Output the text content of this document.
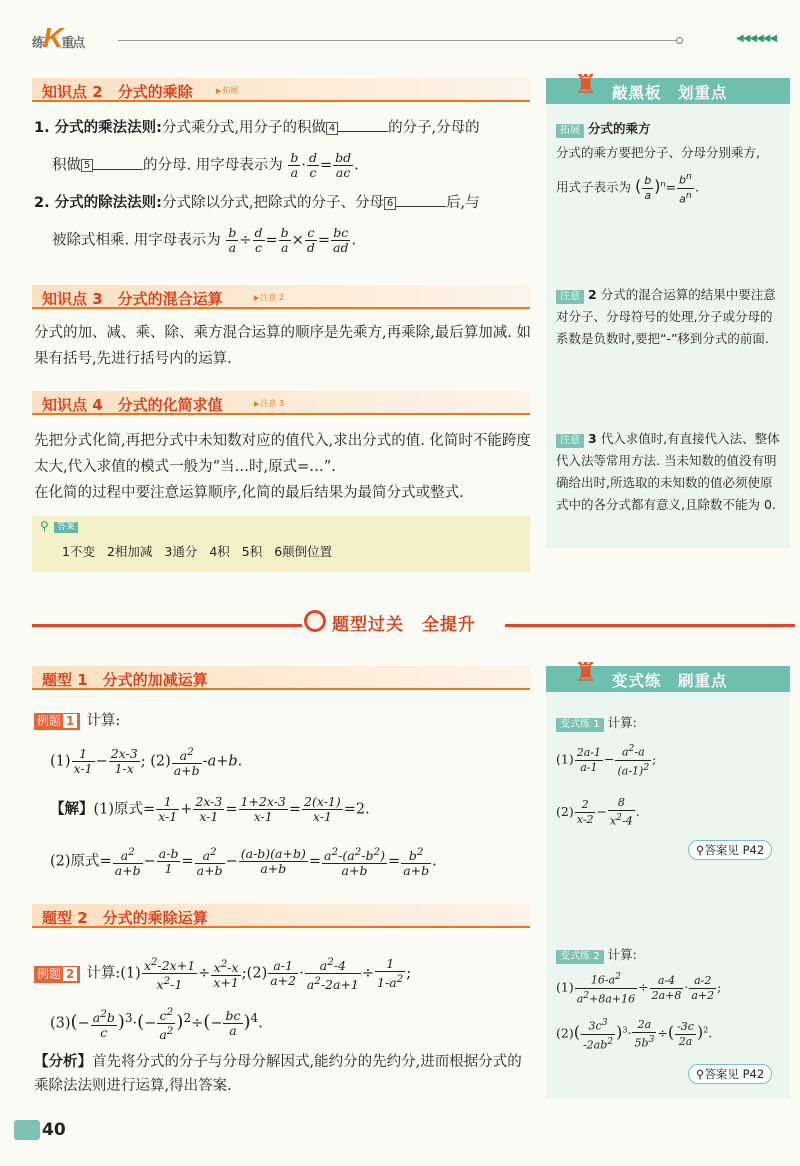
练K重点	◀◀◀◀◀◀
知识点 2　分式的乘除	▶ 拓展
1. 分式的乘法法则:分式乘分式,用分子的积做 4	的分子,分母的
积做 5	的分母. 用字母表示为 $\frac{b}{a} \cdot \frac{d}{c} = \frac{bd}{ac}$ .
2. 分式的除法法则:分式除以分式,把除式的分子、分母 6	后,与
被除式相乘. 用字母表示为 $\frac{b}{a} \div \frac{d}{c} = \frac{b}{a} \times \frac{c}{d} = \frac{bc}{ad}$ .
知识点 3　分式的混合运算	▶ 注意 2
分式的加、减、乘、除、乘方混合运算的顺序是先乘方,再乘除,最后算加减. 如果有括号,先进行括号内的运算.
知识点 4　分式的化简求值	▶ 注意 3
先把分式化简,再把分式中未知数对应的值代入,求出分式的值. 化简时不能跨度太大,代入求值的模式一般为“当…时,原式=…”.
在化简的过程中要注意运算顺序,化简的最后结果为最简分式或整式.
⚲ 答案
1不变 2相加减 3通分 4积 5积 6颠倒位置
♜ 敲黑板　划重点
拓展 分式的乘方
分式的乘方要把分子、分母分别乘方,
用式子表示为 ( $\frac{b}{a} )^n= \frac{b^n}{a^n}$ .
注意 2 分式的混合运算的结果中要注意对分子、分母符号的处理,分子或分母的系数是负数时,要把“-”移到分式的前面.
注意 3 代入求值时,有直接代入法、整体代入法等常用方法. 当未知数的值没有明确给出时,所选取的未知数的值必须使原式中的各分式都有意义,且除数不能为 0.
题型过关　全提升
题型 1　分式的加减运算
例题 1 计算:
$(1) \frac{1}{x-1} - \frac{2x-3}{1-x}$ ; $(2) \frac{a^2}{a+b} -a+b$.
【解】(1)原式= $\frac{1}{x-1} + \frac{2x-3}{x-1} = \frac{1+2x-3}{x-1} = \frac{2(x-1)}{x-1} =2$.
(2)原式= $\frac{a^2}{a+b} - \frac{a-b}{1} = \frac{a^2}{a+b} - \frac{(a-b)(a+b)}{a+b} = \frac{a^2-(a^2-b^2)}{a+b} = \frac{b^2}{a+b}$ .
题型 2　分式的乘除运算
例题 2 计算:(1) $\frac{x^2-2x+1}{x^2-1} \div \frac{x^2-x}{x+1}$ ;(2) $\frac{a-1}{a+2} \cdot \frac{a^2-4}{a^2-2a+1} \div \frac{1}{1-a^2}$ ;
$(3)(- \frac{a^2b}{c} )^3\cdot(- \frac{c^2}{a^2} )^2\div(- \frac{bc}{a} )^4$.
【分析】首先将分式的分子与分母分解因式,能约分的先约分,进而根据分式的乘除法法则进行运算,得出答案.
♜ 变式练　刷重点
变式练 1 计算:
$(1) \frac{2a-1}{a-1} - \frac{a^2-a}{(a-1)^2}$ ;
$(2) \frac{2}{x-2} - \frac{8}{x^2-4}$ .
⚲答案见 P42
变式练 2 计算:
$(1) \frac{16-a^2}{a^2+8a+16} \div \frac{a-4}{2a+8} \cdot \frac{a-2}{a+2}$ ;
$(2)( \frac{3c^3}{-2ab^2} )^3\cdot \frac{2a}{5b^3}$ ÷( $\frac{-3c}{2a} )^2$.
⚲答案见 P42
40
